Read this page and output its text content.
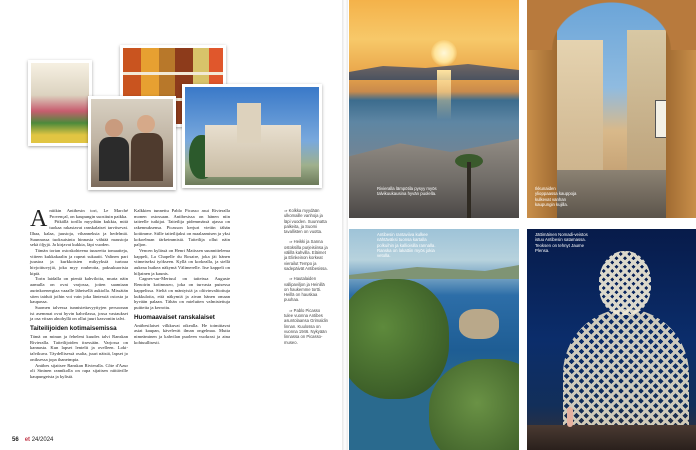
Antiikin Antibesin tori, Le Marché Provençal, on kaupungin suosituin paikka.

Pitkällä torilla myydään kukkia, mitä tuokaa rakastavat ranskalaiset tarvitsevat. Ilhaa, kalaa, juustoja, vihanneksia ja hedelmiä. Suunnassa tuoksuisinta hinnasia vähtää maustoja sekä öljyjä. Ja kirjavat kukkia, läpi vuoden.

Tämän torian ostoskohteena tuuseeita tomaatteja, viiteen kukkakaalin ja rapeat sukaatit. Valinen pari juustoa ja kurkkoisien mikyyksiä turtoaa hivjoittuvyjiä, joka myy roubeoita, paksukuorisia kipiä.

Torin laidalla on pieniä kahviloita, murta näin aamulla on ovat varjossa, jotten saamiaan aurinkoenergiaa vaaalle läheisellä aukiolla. Missätän siten taiduit joihin voi vain joka läntessiä ostosta ja kaupassa.

Suomen talvessa tunnistettavyyttyjen persoonan ist asemmat ovat hyvin kahvilassa, jossa vastaukset ja osa vitsan alnohyllä on ollut juuri kasvoniin talvi.

Taiteilijoiden kotimaisemissa

Tämä on minun ja feheleni kuudes talvi Ranskan Rivieralla. Taiteilijoiden itsessään. Varjossa on kannasta. Kun lapset lentelit ja ovelleen. Loki-talvikuva. Täydellisessä osalta, juuri näistä, lapset jo oniksessa jopa ihaneimpia.

Antibes sijaitsee Ranskan Rivieralla. Côte d'Azur oli Sininen rannikolla on rapa sijaitsen niittäville kaupungeista ja kylistä.

Kalkkien tunnettu Pablo Picasso asui Rivieralla monen ostossaan. Antibesissa on hänen niin taiteelle tutkijat. Taiteilija pidemmässä ajassa on rakennuksensa. Picasson kerjuri vietiin tähän kotiimme. Stille taiteilijaksi on maalaamisen ja yksi kokoelman tärkeimmistä. Taiteilija ollut näin paljon.

Vencen kylässä on Henri Matissen suunnittelema kappeli, La Chapelle du Rosaire, joka jäi hänen viimeiseksi työkseen. Kyllä on korkealla, ja siellä aukeaa huikea näkymä Välimerelle. Itse kappeli on hiljainen ja kaunis.

Cagnes-sur-Mertuul on taiteissa Auguste Renoirin kotimuseo, joka on turvasta puisessa kappelissa. Sieltä on mäntyisiä ja oliivinvaltioituja kukkuloita, että näkymiä ja aivan hänen omaan hyvään palaan. Tähän on mieluiten valmistettuja puitteita ja kerrottu.

Huomaavaiset ranskalaiset

Antibesilaiset vilkkuvat oikealla. He toimittavat asiat kaupan, kävelevät ilman ongelmaa. Mutta nimeäminen ja kahvilan puoleen vuokrasi ja aina kohtuullisesti.

⇒ Kolkka myydään ulkomaille vanhoja ja läpi vuoden. Suunnatta palkeita, ja Suomi tavallisten on vuotta.

⇒ Heikki ja Sanna ostoksilla purjeisiinsa ja välillä kahvilla. Eläimet ja Elinkeinon korkeat vierailut Tempo ja sadepäivät Antibesissa.

⇒ Hautalaiden vallipaviljon ja Heinillä on haukemme tortti. Heillä on hauskaa puuhaa.

⇒ Pablo Picasso tulee vuonna Antibes asuntolaansa Grimaldin linnan. Kuulossa on vuonna 1946. Nykyään linnassa on Picasso-museo.

56 et 24/2024
Rivieralla lämpötila pysyy myös talvikuukausina hyvän puolella.
Ikkunaiden ylioppaassa kauppoja kulkevat vanhan kaupungin kujilla.
Antibesin rantaviiva kulkee nähtäväksi tuonsa kartalla polkuihin ja kallioisilla rannalla. Ranska on lakattiin myös jokia vetolla.
Jättimäinen Nomadi-veistos istuu Antibesin satamassa. Teoksen on tehnyt Jaume Plensa.
